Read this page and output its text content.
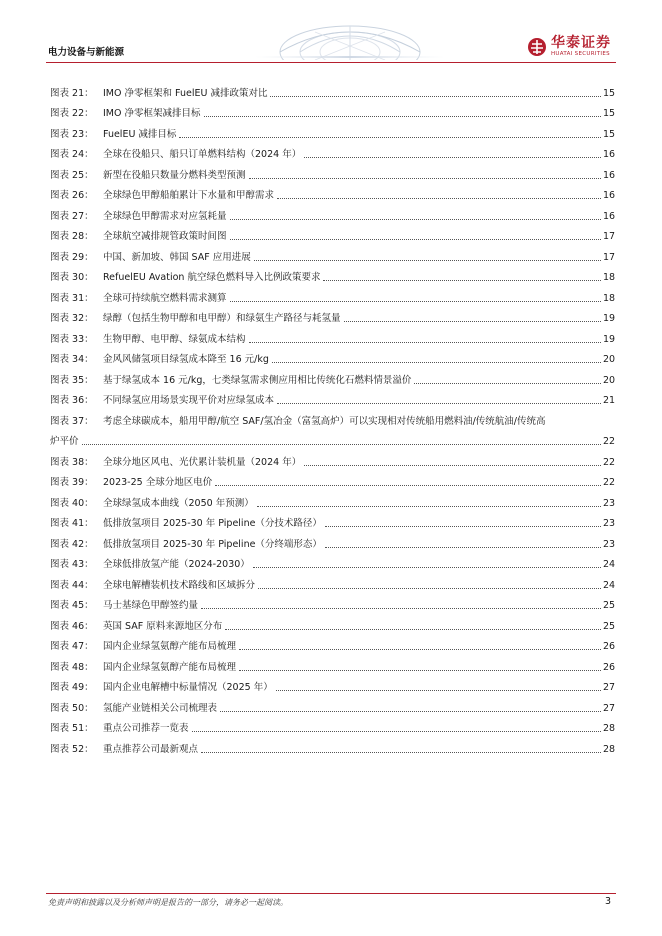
电力设备与新能源
华泰证券
HUATAI SECURITIES
图表 21： IMO 净零框架和 FuelEU 减排政策对比	15
图表 22： IMO 净零框架减排目标	15
图表 23： FuelEU 减排目标	15
图表 24： 全球在役船只、船只订单燃料结构（2024 年）	16
图表 25： 新型在役船只数量分燃料类型预测	16
图表 26： 全球绿色甲醇船舶累计下水量和甲醇需求	16
图表 27： 全球绿色甲醇需求对应氢耗量	16
图表 28： 全球航空减排规管政策时间图	17
图表 29： 中国、新加坡、韩国 SAF 应用进展	17
图表 30： RefuelEU Avation 航空绿色燃料导入比例政策要求	18
图表 31： 全球可持续航空燃料需求测算	18
图表 32： 绿醇（包括生物甲醇和电甲醇）和绿氨生产路径与耗氢量	19
图表 33： 生物甲醇、电甲醇、绿氨成本结构	19
图表 34： 金风风储氢项目绿氢成本降至 16 元/kg	20
图表 35： 基于绿氢成本 16 元/kg，七类绿氢需求侧应用相比传统化石燃料情景溢价	20
图表 36： 不同绿氢应用场景实现平价对应绿氢成本	21
图表 37： 考虑全球碳成本，船用甲醇/航空 SAF/氢冶金（富氢高炉）可以实现相对传统船用燃料油/传统航油/传统高
炉平价	22
图表 38： 全球分地区风电、光伏累计装机量（2024 年）	22
图表 39： 2023-25 全球分地区电价	22
图表 40： 全球绿氢成本曲线（2050 年预测）	23
图表 41： 低排放氢项目 2025-30 年 Pipeline（分技术路径）	23
图表 42： 低排放氢项目 2025-30 年 Pipeline（分终端形态）	23
图表 43： 全球低排放氢产能（2024-2030）	24
图表 44： 全球电解槽装机技术路线和区域拆分	24
图表 45： 马士基绿色甲醇签约量	25
图表 46： 英国 SAF 原料来源地区分布	25
图表 47： 国内企业绿氢氨醇产能布局梳理	26
图表 48： 国内企业绿氢氨醇产能布局梳理	26
图表 49： 国内企业电解槽中标量情况（2025 年）	27
图表 50： 氢能产业链相关公司梳理表	27
图表 51： 重点公司推荐一览表	28
图表 52： 重点推荐公司最新观点	28
免责声明和披露以及分析师声明是报告的一部分，请务必一起阅读。	3
